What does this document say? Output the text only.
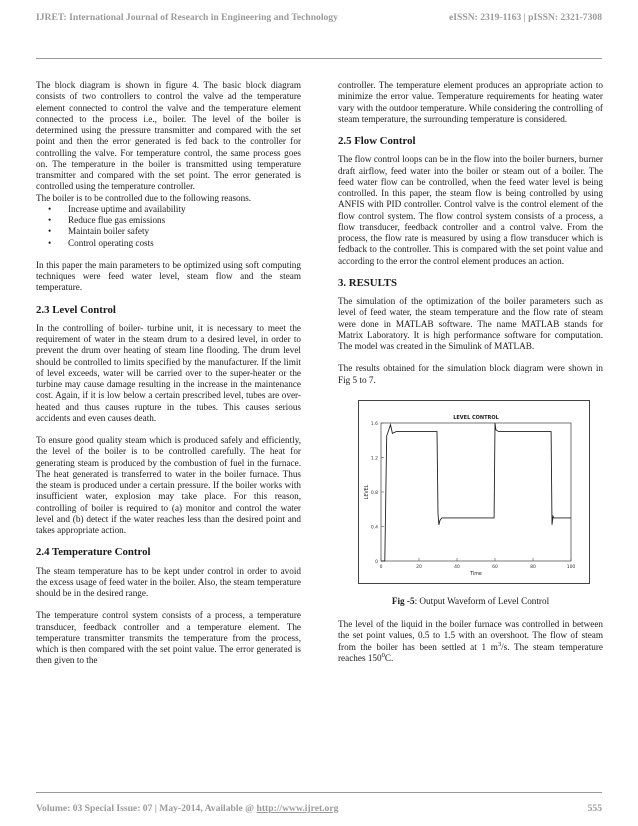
IJRET: International Journal of Research in Engineering and Technology	eISSN: 2319-1163 | pISSN: 2321-7308

The block diagram is shown in figure 4. The basic block diagram consists of two controllers to control the valve ad the temperature element connected to control the valve and the temperature element connected to the process i.e., boiler. The level of the boiler is determined using the pressure transmitter and compared with the set point and then the error generated is fed back to the controller for controlling the valve. For temperature control, the same process goes on. The temperature in the boiler is transmitted using temperature transmitter and compared with the set point. The error generated is controlled using the temperature controller.

The boiler is to be controlled due to the following reasons.

• Increase uptime and availability
• Reduce flue gas emissions
• Maintain boiler safety
• Control operating costs

In this paper the main parameters to be optimized using soft computing techniques were feed water level, steam flow and the steam temperature.

2.3 Level Control

In the controlling of boiler- turbine unit, it is necessary to meet the requirement of water in the steam drum to a desired level, in order to prevent the drum over heating of steam line flooding. The drum level should be controlled to limits specified by the manufacturer. If the limit of level exceeds, water will be carried over to the super-heater or the turbine may cause damage resulting in the increase in the maintenance cost. Again, if it is low below a certain prescribed level, tubes are over-heated and thus causes rupture in the tubes. This causes serious accidents and even causes death.

To ensure good quality steam which is produced safely and efficiently, the level of the boiler is to be controlled carefully. The heat for generating steam is produced by the combustion of fuel in the furnace. The heat generated is transferred to water in the boiler furnace. Thus the steam is produced under a certain pressure. If the boiler works with insufficient water, explosion may take place. For this reason, controlling of boiler is required to (a) monitor and control the water level and (b) detect if the water reaches less than the desired point and takes appropriate action.

2.4 Temperature Control

The steam temperature has to be kept under control in order to avoid the excess usage of feed water in the boiler. Also, the steam temperature should be in the desired range.

The temperature control system consists of a process, a temperature transducer, feedback controller and a temperature element. The temperature transmitter transmits the temperature from the process, which is then compared with the set point value. The error generated is then given to the

controller. The temperature element produces an appropriate action to minimize the error value. Temperature requirements for heating water vary with the outdoor temperature. While considering the controlling of steam temperature, the surrounding temperature is considered.

2.5 Flow Control

The flow control loops can be in the flow into the boiler burners, burner draft airflow, feed water into the boiler or steam out of a boiler. The feed water flow can be controlled, when the feed water level is being controlled. In this paper, the steam flow is being controlled by using ANFIS with PID controller. Control valve is the control element of the flow control system. The flow control system consists of a process, a flow transducer, feedback controller and a control valve. From the process, the flow rate is measured by using a flow transducer which is fedback to the controller. This is compared with the set point value and according to the error the control element produces an action.

3. RESULTS

The simulation of the optimization of the boiler parameters such as level of feed water, the steam temperature and the flow rate of steam were done in MATLAB software. The name MATLAB stands for Matrix Laboratory. It is high performance software for computation. The model was created in the Simulink of MATLAB.

The results obtained for the simulation block diagram were shown in Fig 5 to 7.

0
0.4
0.8
1.2
1.6
0	20	40	60	80	100
LEVEL CONTROL
Time
LEVEL
Fig -5: Output Waveform of Level Control

The level of the liquid in the boiler furnace was controlled in between the set point values, 0.5 to 1.5 with an overshoot. The flow of steam from the boiler has been settled at 1 $m^3/s$. The steam temperature reaches $150^0C$.

Volume: 03 Special Issue: 07 | May-2014, Available @ http://www.ijret.org	555
